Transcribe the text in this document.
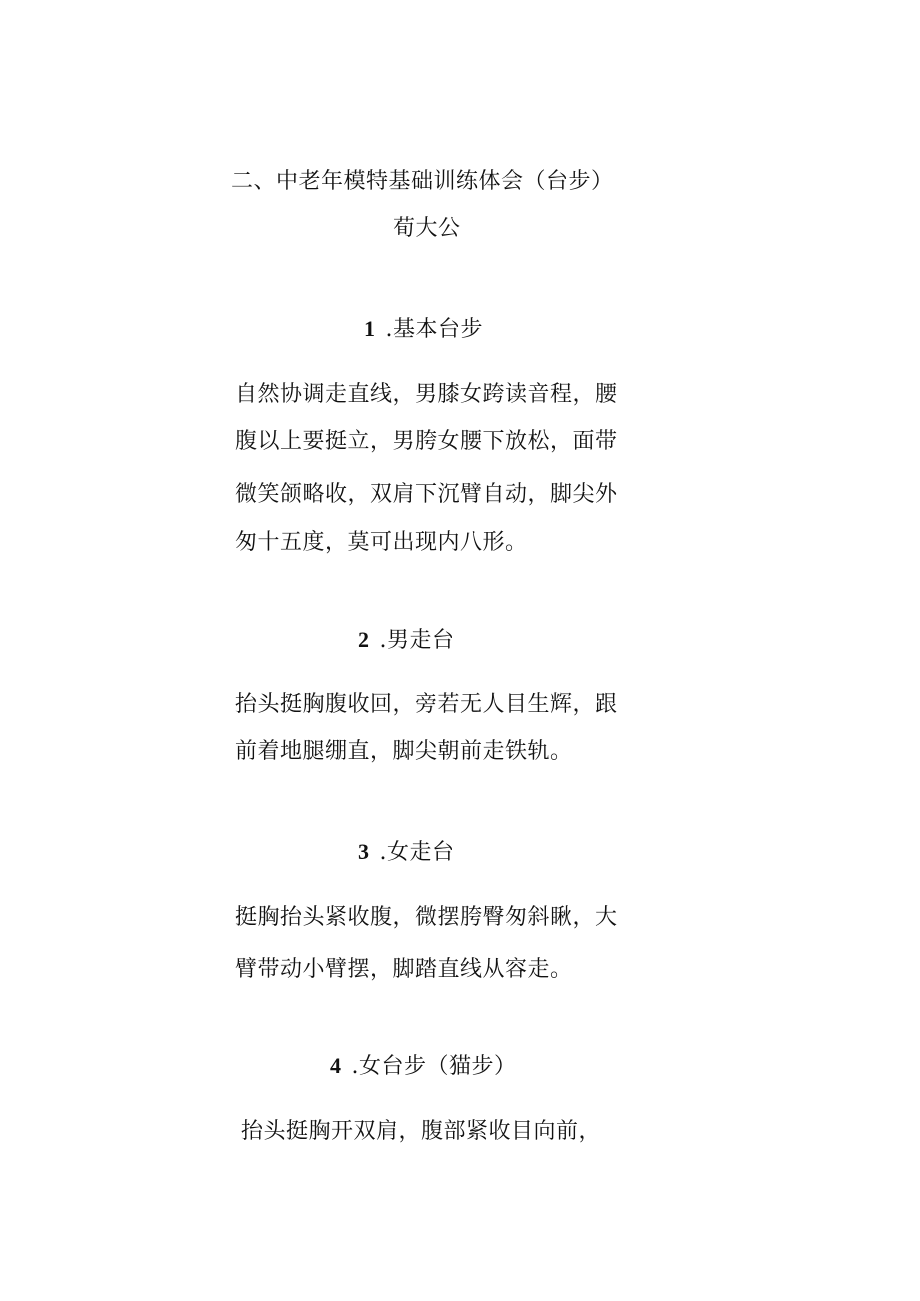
二、中老年模特基础训练体会（台步）
荀大公
1 .基本台步
自然协调走直线，男膝女跨读音程，腰
腹以上要挺立，男胯女腰下放松，面带
微笑颌略收，双肩下沉臂自动，脚尖外
匆十五度，莫可出现内八形。
2 .男走台
抬头挺胸腹收回，旁若无人目生辉，跟
前着地腿绷直，脚尖朝前走铁轨。
3 .女走台
挺胸抬头紧收腹，微摆胯臀匆斜瞅，大
臂带动小臂摆，脚踏直线从容走。
4 .女台步（猫步）
抬头挺胸开双肩，腹部紧收目向前，
